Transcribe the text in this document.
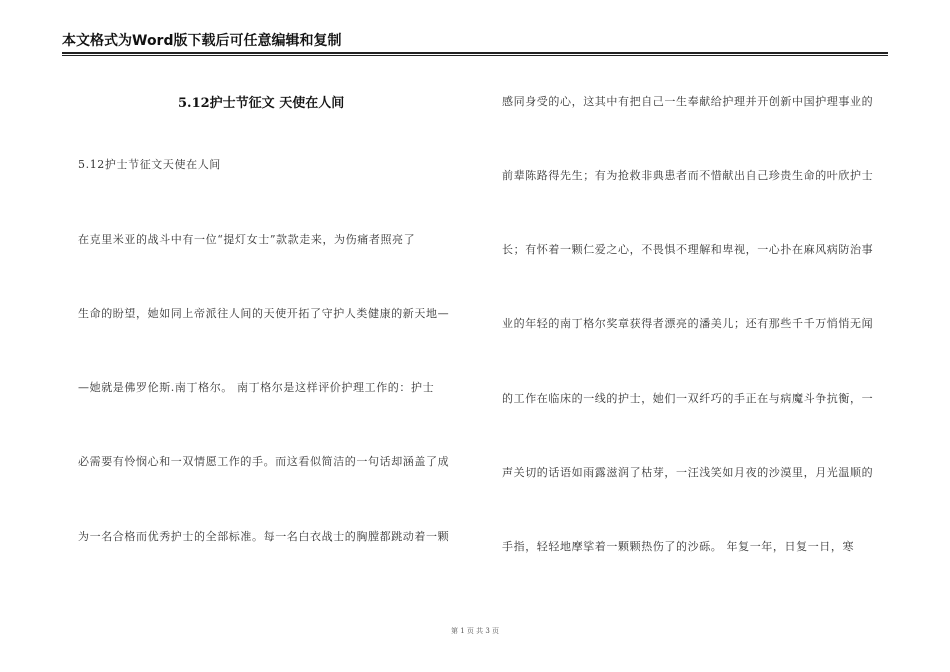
本文格式为Word版下载后可任意编辑和复制
5.12护士节征文 天使在人间
5.12护士节征文天使在人间
在克里米亚的战斗中有一位“提灯女士”款款走来，为伤痛者照亮了
生命的盼望，她如同上帝派往人间的天使开拓了守护人类健康的新天地—
—她就是佛罗伦斯.南丁格尔。 南丁格尔是这样评价护理工作的：护士
必需要有怜悯心和一双情愿工作的手。而这看似简洁的一句话却涵盖了成
为一名合格而优秀护士的全部标准。每一名白衣战士的胸膛都跳动着一颗
感同身受的心，这其中有把自己一生奉献给护理并开创新中国护理事业的
前辈陈路得先生；有为抢救非典患者而不惜献出自己珍贵生命的叶欣护士
长；有怀着一颗仁爱之心，不畏惧不理解和卑视，一心扑在麻风病防治事
业的年轻的南丁格尔奖章获得者漂亮的潘美儿；还有那些千千万悄悄无闻
的工作在临床的一线的护士，她们一双纤巧的手正在与病魔斗争抗衡，一
声关切的话语如雨露滋润了枯芽，一汪浅笑如月夜的沙漠里，月光温顺的
手指，轻轻地摩挲着一颗颗热伤了的沙砾。 年复一年，日复一日，寒
第 1 页 共 3 页
